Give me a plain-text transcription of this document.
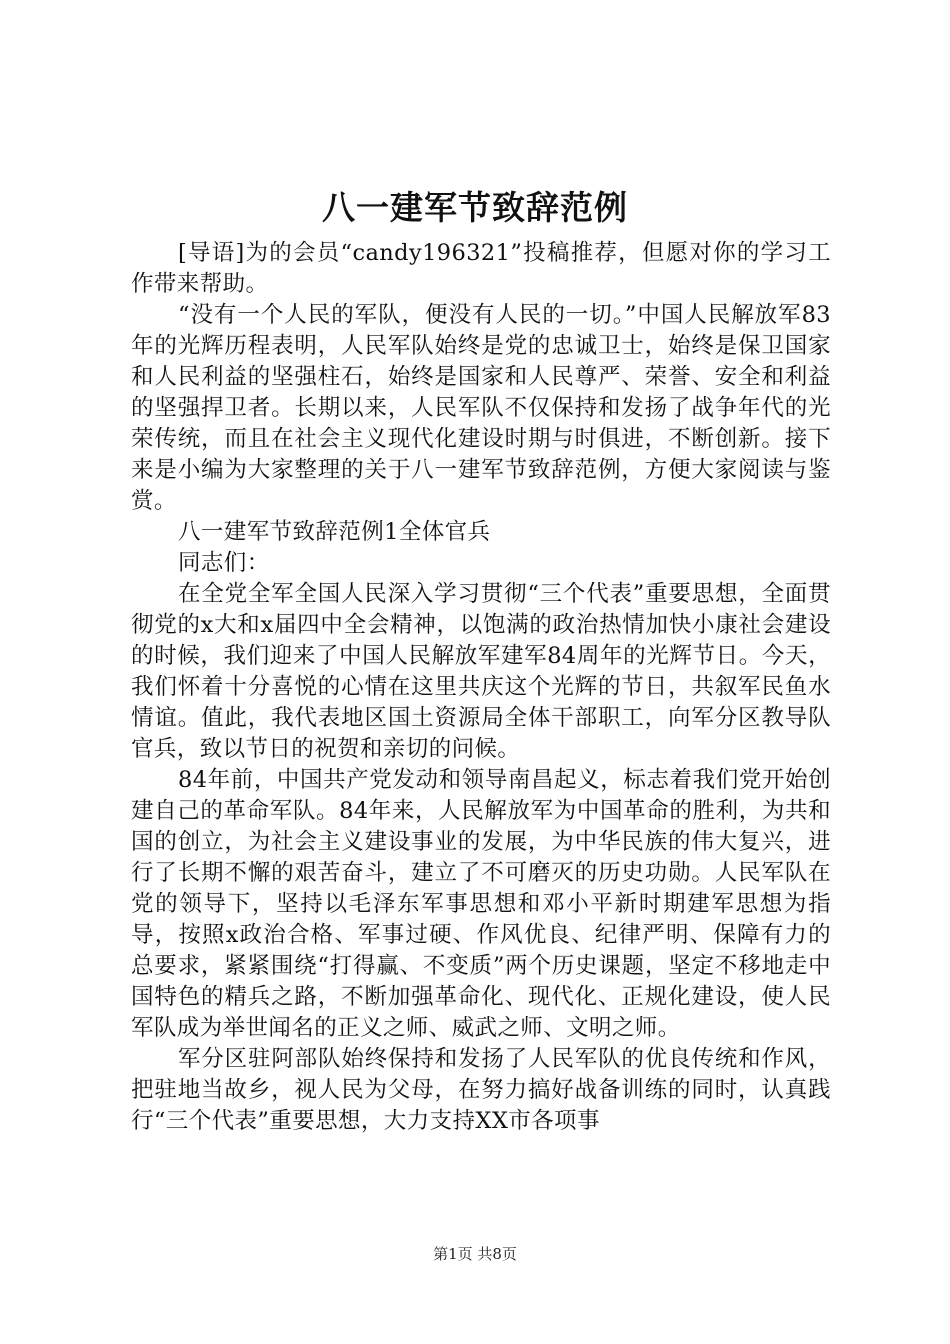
八一建军节致辞范例

[导语]为的会员“candy196321”投稿推荐，但愿对你的学习工作带来帮助。

“没有一个人民的军队，便没有人民的一切。”中国人民解放军83年的光辉历程表明，人民军队始终是党的忠诚卫士，始终是保卫国家和人民利益的坚强柱石，始终是国家和人民尊严、荣誉、安全和利益的坚强捍卫者。长期以来，人民军队不仅保持和发扬了战争年代的光荣传统，而且在社会主义现代化建设时期与时俱进，不断创新。接下来是小编为大家整理的关于八一建军节致辞范例，方便大家阅读与鉴赏。

八一建军节致辞范例1全体官兵

同志们：

在全党全军全国人民深入学习贯彻“三个代表”重要思想，全面贯彻党的x大和x届四中全会精神，以饱满的政治热情加快小康社会建设的时候，我们迎来了中国人民解放军建军84周年的光辉节日。今天，我们怀着十分喜悦的心情在这里共庆这个光辉的节日，共叙军民鱼水情谊。值此，我代表地区国土资源局全体干部职工，向军分区教导队官兵，致以节日的祝贺和亲切的问候。

84年前，中国共产党发动和领导南昌起义，标志着我们党开始创建自己的革命军队。84年来，人民解放军为中国革命的胜利，为共和国的创立，为社会主义建设事业的发展，为中华民族的伟大复兴，进行了长期不懈的艰苦奋斗，建立了不可磨灭的历史功勋。人民军队在党的领导下，坚持以毛泽东军事思想和邓小平新时期建军思想为指导，按照x政治合格、军事过硬、作风优良、纪律严明、保障有力的总要求，紧紧围绕“打得赢、不变质”两个历史课题，坚定不移地走中国特色的精兵之路，不断加强革命化、现代化、正规化建设，使人民军队成为举世闻名的正义之师、威武之师、文明之师。

军分区驻阿部队始终保持和发扬了人民军队的优良传统和作风，把驻地当故乡，视人民为父母，在努力搞好战备训练的同时，认真践行“三个代表”重要思想，大力支持XX市各项事

第1页 共8页
